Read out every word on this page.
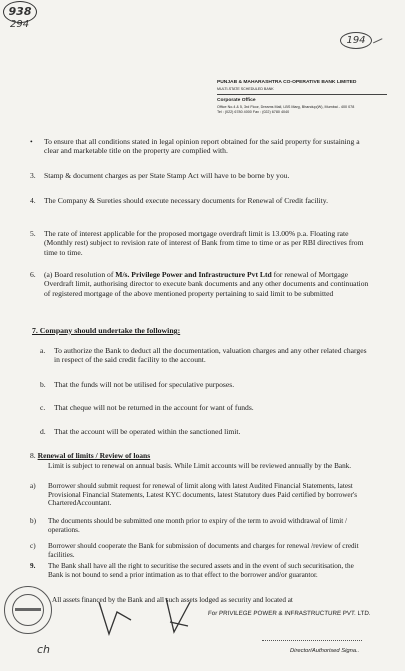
938
294
194
PUNJAB & MAHARASHTRA CO-OPERATIVE BANK LIMITED
MULTI-STATE SCHEDULED BANK
Corporate Office
Office No.4 & 5, 3rd Floor, Dreams Mall, LBS Marg, Bhandup(W), Mumbai - 400 078
Tel : (022) 6780 4000 Fax : (022) 6780 4040
• To ensure that all conditions stated in legal opinion report obtained for the said property for sustaining a clear and marketable title on the property are complied with.
3. Stamp & document charges as per State Stamp Act will have to be borne by you.
4. The Company & Sureties should execute necessary documents for Renewal of Credit facility.
5. The rate of interest applicable for the proposed mortgage overdraft limit is 13.00% p.a. Floating rate (Monthly rest) subject to revision rate of interest of Bank from time to time or as per RBI directives from time to time.
6. (a) Board resolution of M/s. Privilege Power and Infrastructure Pvt Ltd for renewal of Mortgage Overdraft limit, authorising director to execute bank documents and any other documents and continuation of registered mortgage of the above mentioned property pertaining to said limit to be submitted
7. Company should undertake the following:
a. To authorize the Bank to deduct all the documentation, valuation charges and any other related charges in respect of the said credit facility to the account.
b. That the funds will not be utilised for speculative purposes.
c. That cheque will not be returned in the account for want of funds.
d. That the account will be operated within the sanctioned limit.
8. Renewal of limits / Review of loans
Limit is subject to renewal on annual basis. While Limit accounts will be reviewed annually by the Bank.
a) Borrower should submit request for renewal of limit along with latest Audited Financial Statements, latest Provisional Financial Statements, Latest KYC documents, latest Statutory dues Paid certified by borrower's CharteredAccountant.
b) The documents should be submitted one month prior to expiry of the term to avoid withdrawal of limit / operations.
c) Borrower should cooperate the Bank for submission of documents and charges for renewal /review of credit facilities.
9. The Bank shall have all the right to securitise the secured assets and in the event of such securitisation, the Bank is not bound to send a prior intimation as to that effect to the borrower and/or guarantor.
All assets financed by the Bank and all such assets lodged as security and located at
ch
For PRIVILEGE POWER & INFRASTRUCTURE PVT. LTD.
Director/Authorised Signa..
